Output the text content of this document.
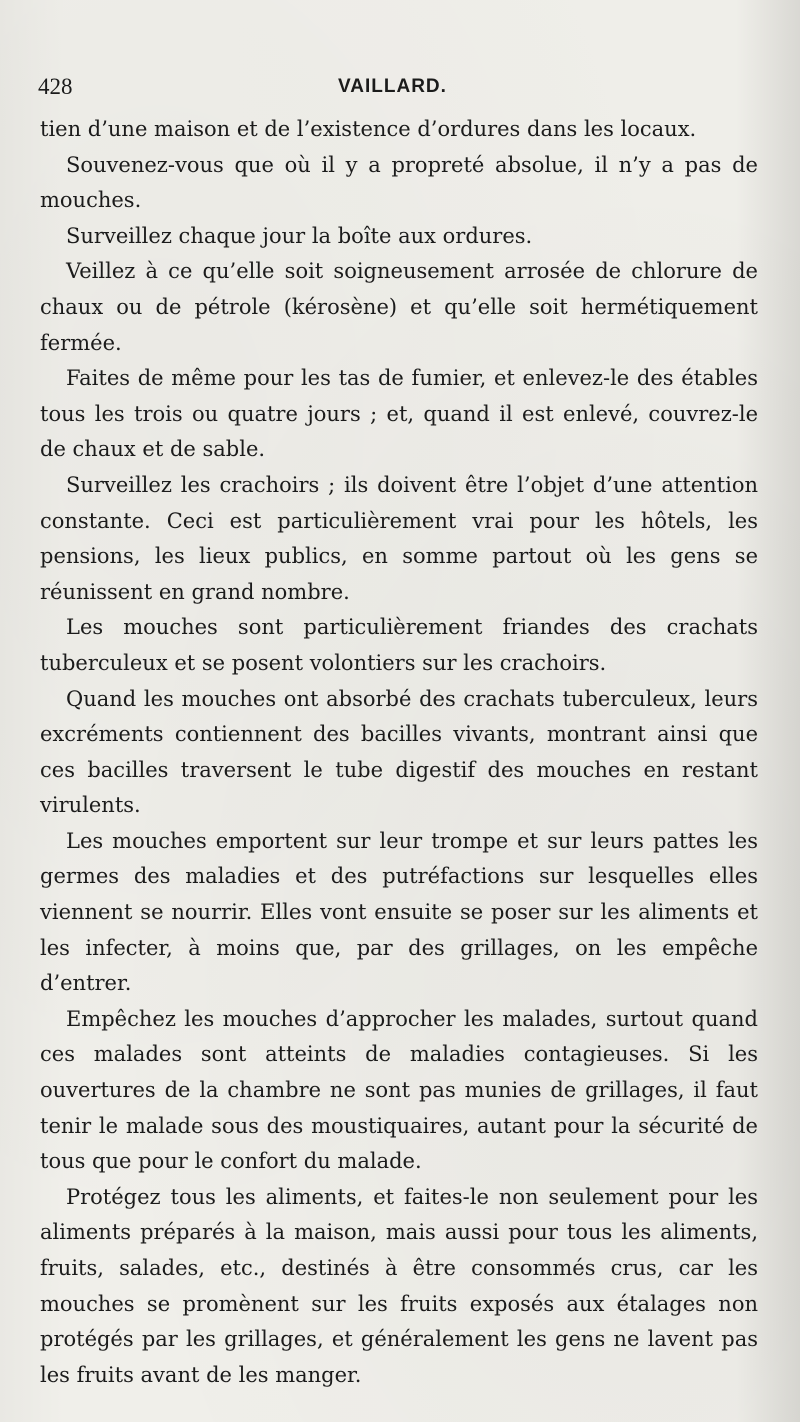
428	VAILLARD.

tien d’une maison et de l’existence d’ordures dans les locaux.

Souvenez-vous que où il y a propreté absolue, il n’y a pas de mouches.

Surveillez chaque jour la boîte aux ordures.

Veillez à ce qu’elle soit soigneusement arrosée de chlorure de chaux ou de pétrole (kérosène) et qu’elle soit hermétiquement fermée.

Faites de même pour les tas de fumier, et enlevez-le des étables tous les trois ou quatre jours ; et, quand il est enlevé, couvrez-le de chaux et de sable.

Surveillez les crachoirs ; ils doivent être l’objet d’une attention constante. Ceci est particulièrement vrai pour les hôtels, les pensions, les lieux publics, en somme partout où les gens se réunissent en grand nombre.

Les mouches sont particulièrement friandes des crachats tuberculeux et se posent volontiers sur les crachoirs.

Quand les mouches ont absorbé des crachats tuberculeux, leurs excréments contiennent des bacilles vivants, montrant ainsi que ces bacilles traversent le tube digestif des mouches en restant virulents.

Les mouches emportent sur leur trompe et sur leurs pattes les germes des maladies et des putréfactions sur lesquelles elles viennent se nourrir. Elles vont ensuite se poser sur les aliments et les infecter, à moins que, par des grillages, on les empêche d’entrer.

Empêchez les mouches d’approcher les malades, surtout quand ces malades sont atteints de maladies contagieuses. Si les ouvertures de la chambre ne sont pas munies de grillages, il faut tenir le malade sous des moustiquaires, autant pour la sécurité de tous que pour le confort du malade.

Protégez tous les aliments, et faites-le non seulement pour les aliments préparés à la maison, mais aussi pour tous les aliments, fruits, salades, etc., destinés à être consommés crus, car les mouches se promènent sur les fruits exposés aux étalages non protégés par les grillages, et généralement les gens ne lavent pas les fruits avant de les manger.
